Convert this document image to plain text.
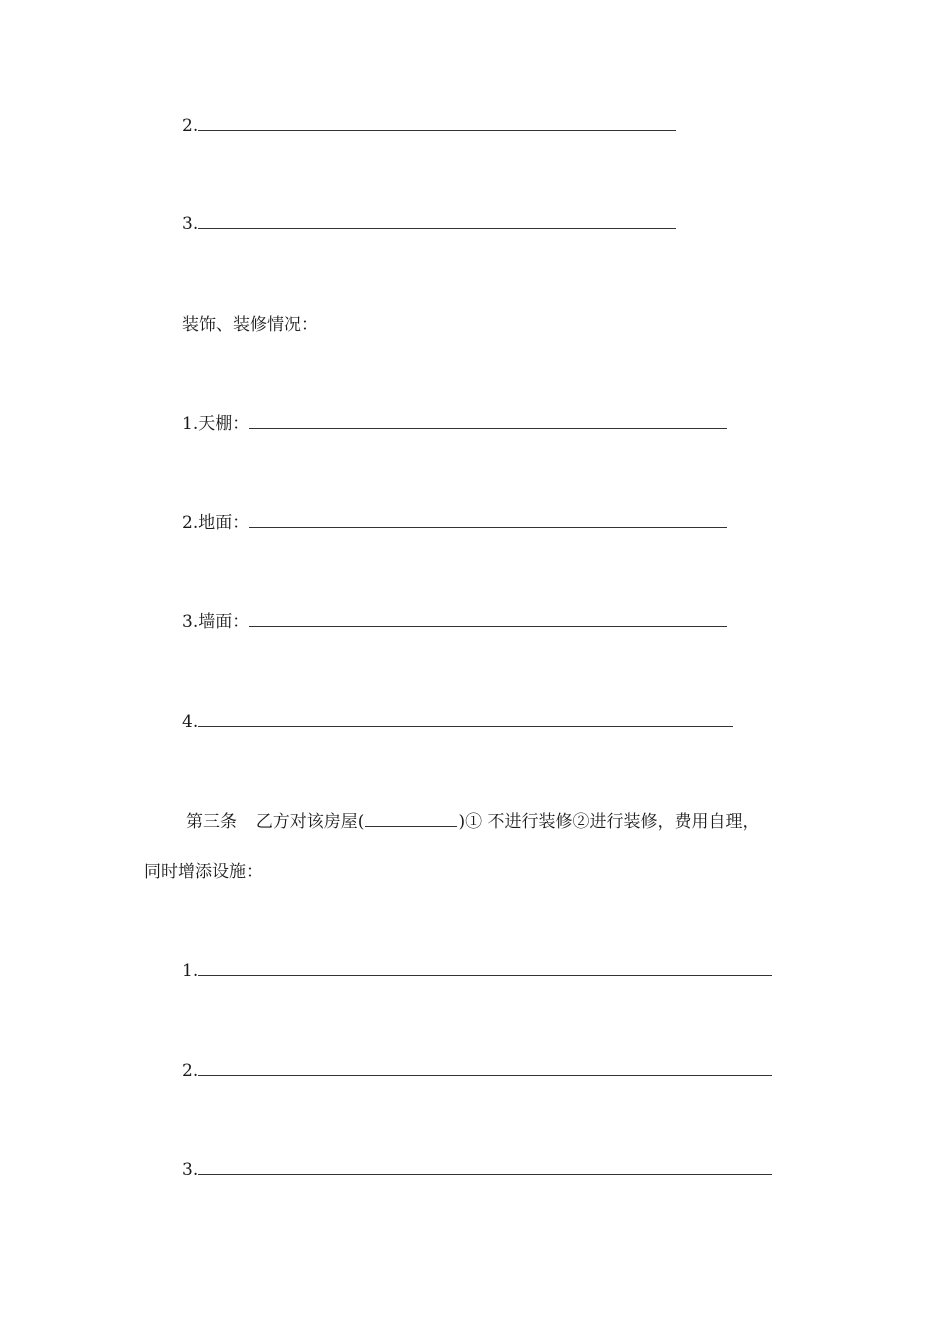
2.
3.
装饰、装修情况：
1.天棚：
2.地面：
3.墙面：
4.
第三条 乙方对该房屋(	)① 不进行装修②进行装修，费用自理，
同时增添设施：
1.
2.
3.
